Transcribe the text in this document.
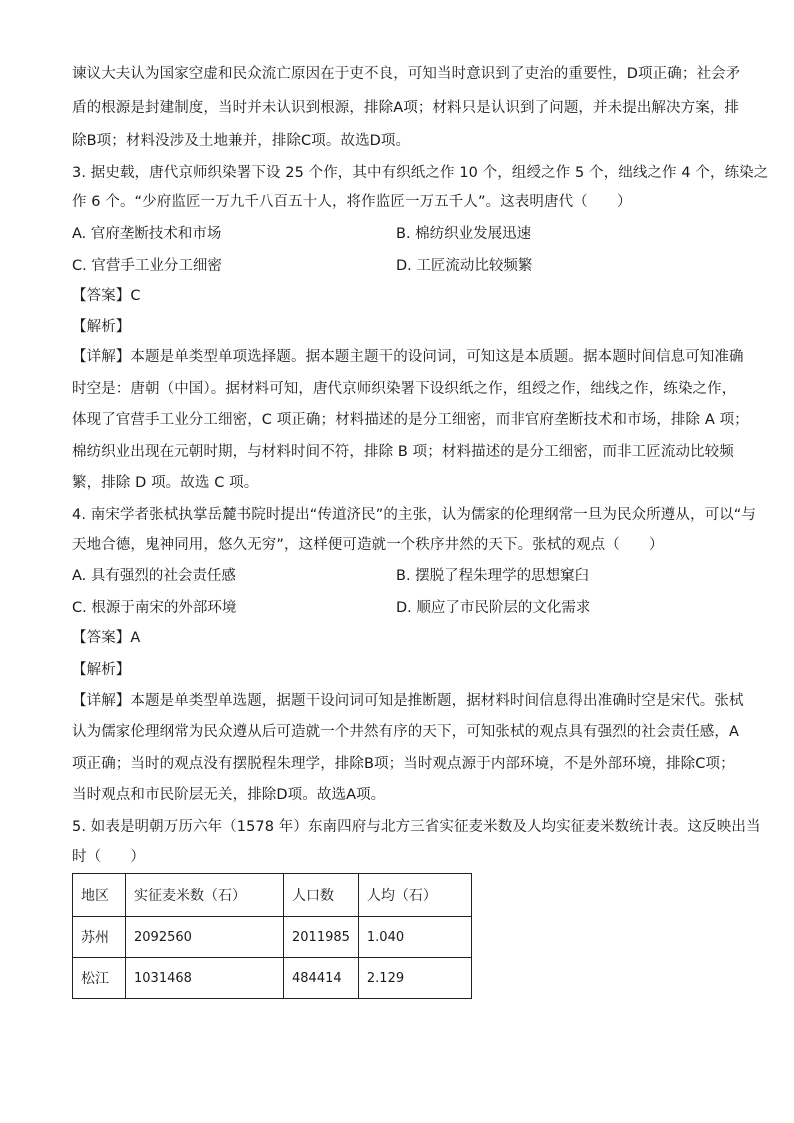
谏议大夫认为国家空虚和民众流亡原因在于吏不良，可知当时意识到了吏治的重要性，D项正确；社会矛
盾的根源是封建制度，当时并未认识到根源，排除A项；材料只是认识到了问题，并未提出解决方案，排
除B项；材料没涉及土地兼并，排除C项。故选D项。
3. 据史载，唐代京师织染署下设 25 个作，其中有织纸之作 10 个，组绶之作 5 个，绌线之作 4 个，练染之
作 6 个。“少府监匠一万九千八百五十人，将作监匠一万五千人”。这表明唐代（　　）
A. 官府垄断技术和市场	B. 棉纺织业发展迅速
C. 官营手工业分工细密	D. 工匠流动比较频繁
【答案】C
【解析】
【详解】本题是单类型单项选择题。据本题主题干的设问词，可知这是本质题。据本题时间信息可知准确
时空是：唐朝（中国）。据材料可知，唐代京师织染署下设织纸之作，组绶之作，绌线之作，练染之作，
体现了官营手工业分工细密，C 项正确；材料描述的是分工细密，而非官府垄断技术和市场，排除 A 项；
棉纺织业出现在元朝时期，与材料时间不符，排除 B 项；材料描述的是分工细密，而非工匠流动比较频
繁，排除 D 项。故选 C 项。
4. 南宋学者张栻执掌岳麓书院时提出“传道济民”的主张，认为儒家的伦理纲常一旦为民众所遵从，可以“与
天地合德，鬼神同用，悠久无穷”，这样便可造就一个秩序井然的天下。张栻的观点（　　）
A. 具有强烈的社会责任感	B. 摆脱了程朱理学的思想窠臼
C. 根源于南宋的外部环境	D. 顺应了市民阶层的文化需求
【答案】A
【解析】
【详解】本题是单类型单选题，据题干设问词可知是推断题，据材料时间信息得出准确时空是宋代。张栻
认为儒家伦理纲常为民众遵从后可造就一个井然有序的天下，可知张栻的观点具有强烈的社会责任感，A
项正确；当时的观点没有摆脱程朱理学，排除B项；当时观点源于内部环境，不是外部环境，排除C项；
当时观点和市民阶层无关，排除D项。故选A项。
5. 如表是明朝万历六年（1578 年）东南四府与北方三省实征麦米数及人均实征麦米数统计表。这反映出当
时（　　）
地区	实征麦米数（石）	人口数	人均（石）
苏州	2092560	2011985	1.040
松江	1031468	484414	2.129
